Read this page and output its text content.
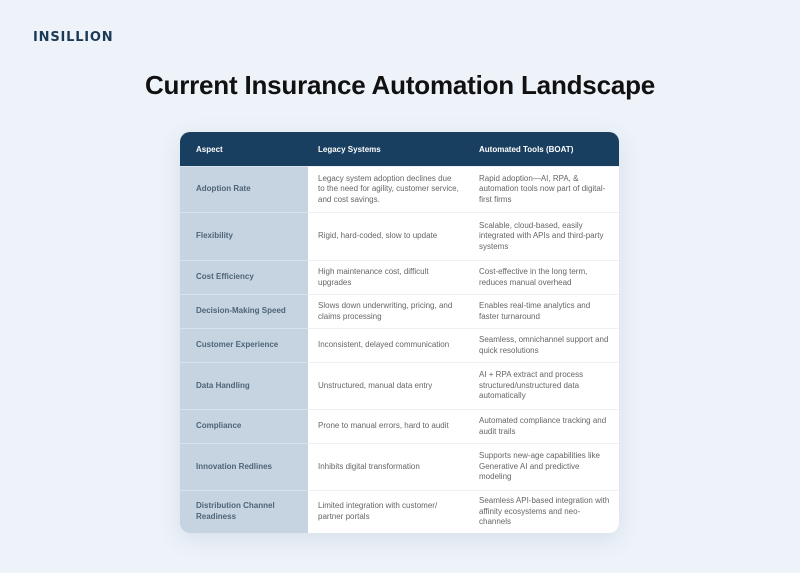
INSILLION
Current Insurance Automation Landscape
Aspect	Legacy Systems	Automated Tools (BOAT)
Adoption Rate	Legacy system adoption declines due to the need for agility, customer service, and cost savings.	Rapid adoption—AI, RPA, & automation tools now part of digital-first firms
Flexibility	Rigid, hard-coded, slow to update	Scalable, cloud-based, easily integrated with APIs and third-party systems
Cost Efficiency	High maintenance cost, difficult upgrades	Cost-effective in the long term, reduces manual overhead
Decision-Making Speed	Slows down underwriting, pricing, and claims processing	Enables real-time analytics and faster turnaround
Customer Experience	Inconsistent, delayed communication	Seamless, omnichannel support and quick resolutions
Data Handling	Unstructured, manual data entry	AI + RPA extract and process structured/unstructured data automatically
Compliance	Prone to manual errors, hard to audit	Automated compliance tracking and audit trails
Innovation Redlines	Inhibits digital transformation	Supports new-age capabilities like Generative AI and predictive modeling
Distribution Channel Readiness	Limited integration with customer/ partner portals	Seamless API-based integration with affinity ecosystems and neo-channels
